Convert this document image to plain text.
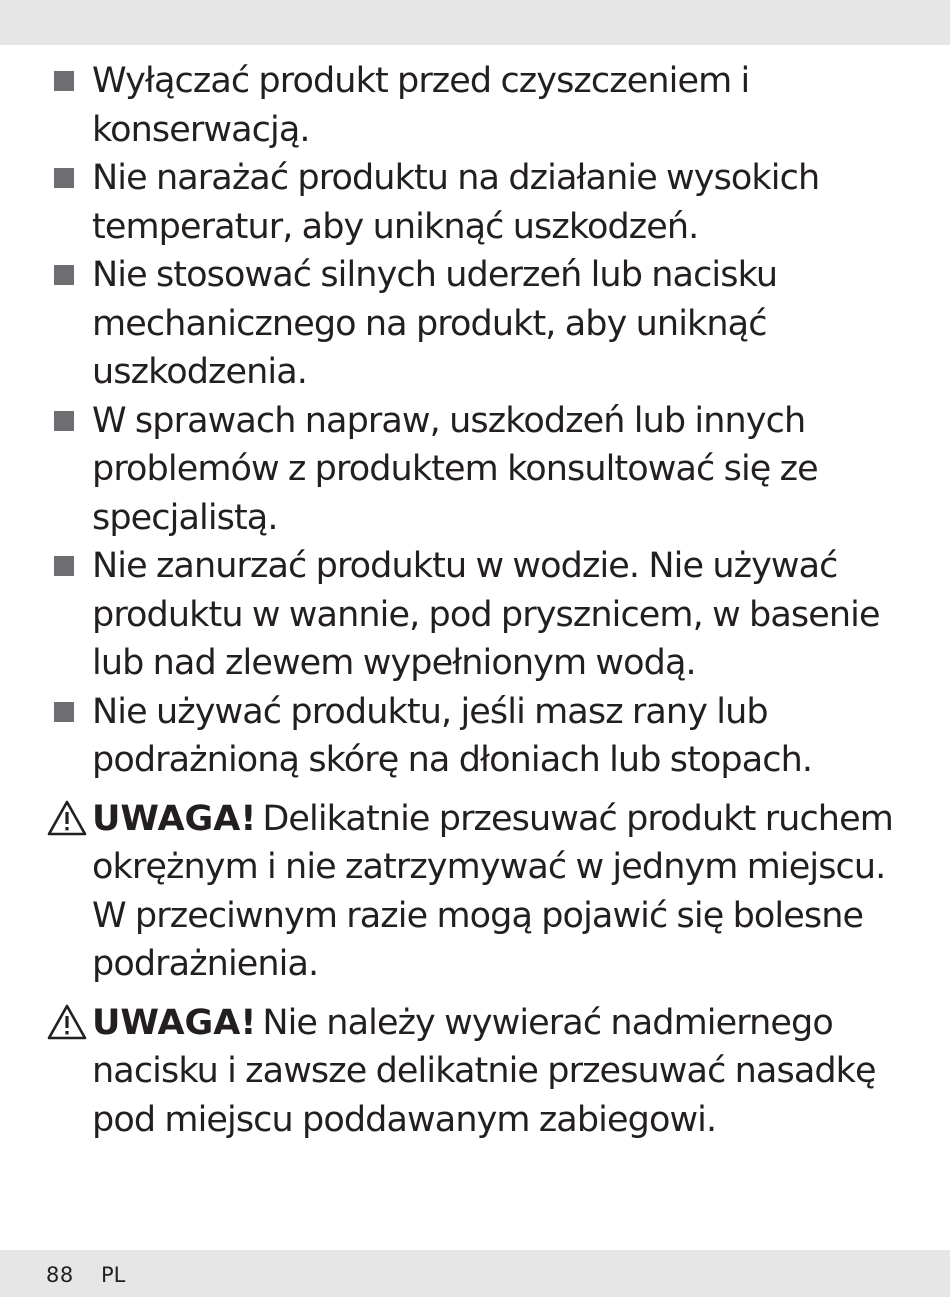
Wyłączać produkt przed czyszczeniem i
konserwacją.
Nie narażać produktu na działanie wysokich
temperatur, aby uniknąć uszkodzeń.
Nie stosować silnych uderzeń lub nacisku
mechanicznego na produkt, aby uniknąć
uszkodzenia.
W sprawach napraw, uszkodzeń lub innych
problemów z produktem konsultować się ze
specjalistą.
Nie zanurzać produktu w wodzie. Nie używać
produktu w wannie, pod prysznicem, w basenie
lub nad zlewem wypełnionym wodą.
Nie używać produktu, jeśli masz rany lub
podrażnioną skórę na dłoniach lub stopach.
UWAGA! Delikatnie przesuwać produkt ruchem
okrężnym i nie zatrzymywać w jednym miejscu.
W przeciwnym razie mogą pojawić się bolesne
podrażnienia.
UWAGA! Nie należy wywierać nadmiernego
nacisku i zawsze delikatnie przesuwać nasadkę
pod miejscu poddawanym zabiegowi.
88 PL
